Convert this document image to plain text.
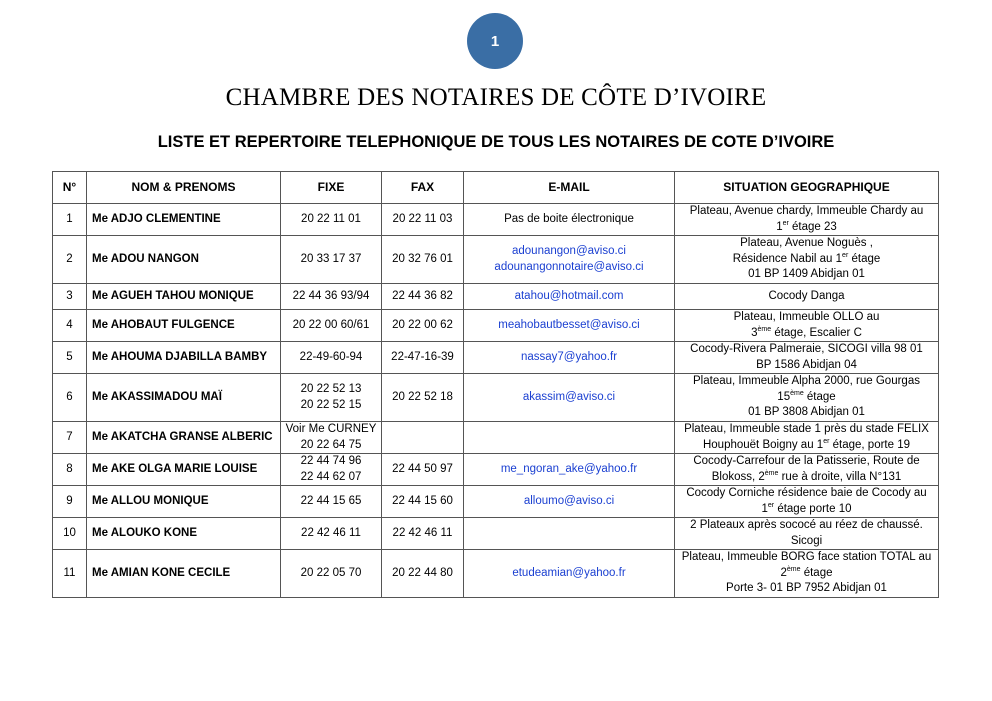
1
CHAMBRE DES NOTAIRES DE CÔTE D’IVOIRE
LISTE ET REPERTOIRE TELEPHONIQUE DE TOUS LES NOTAIRES DE COTE D’IVOIRE
N°	NOM & PRENOMS	FIXE	FAX	E-MAIL	SITUATION GEOGRAPHIQUE
1	Me ADJO CLEMENTINE	20 22 11 01	20 22 11 03	Pas de boite électronique	Plateau, Avenue chardy, Immeuble Chardy au
1er étage 23

2	Me ADOU NANGON	20 33 17 37	20 32 76 01	adounangon@aviso.ci
adounangonnotaire@aviso.ci	Plateau, Avenue Noguès ,
Résidence Nabil au 1er étage
01 BP 1409 Abidjan 01

3	Me AGUEH TAHOU MONIQUE	22 44 36 93/94	22 44 36 82	atahou@hotmail.com	Cocody Danga

4	Me AHOBAUT FULGENCE	20 22 00 60/61	20 22 00 62	meahobautbesset@aviso.ci	Plateau, Immeuble OLLO au
3ème étage, Escalier C

5	Me AHOUMA DJABILLA BAMBY	22-49-60-94	22-47-16-39	nassay7@yahoo.fr	Cocody-Rivera Palmeraie, SICOGI villa 98 01
BP 1586 Abidjan 04

6	Me AKASSIMADOU MAÏ	20 22 52 13
20 22 52 15	20 22 52 18	akassim@aviso.ci	Plateau, Immeuble Alpha 2000, rue Gourgas
15ème étage
01 BP 3808 Abidjan 01

7	Me AKATCHA GRANSE ALBERIC	Voir Me CURNEY
20 22 64 75			Plateau, Immeuble stade 1 près du stade FELIX
Houphouët Boigny au 1er étage, porte 19

8	Me AKE OLGA MARIE LOUISE	22 44 74 96
22 44 62 07	22 44 50 97	me_ngoran_ake@yahoo.fr	Cocody-Carrefour de la Patisserie, Route de
Blokoss, 2ème rue à droite, villa N°131

9	Me ALLOU MONIQUE	22 44 15 65	22 44 15 60	alloumo@aviso.ci	Cocody Corniche résidence baie de Cocody au
1er étage porte 10

10	Me ALOUKO KONE	22 42 46 11	22 42 46 11		2 Plateaux après sococé au réez de chaussé.
Sicogi

11	Me AMIAN KONE CECILE	20 22 05 70	20 22 44 80	etudeamian@yahoo.fr	Plateau, Immeuble BORG face station TOTAL au
2ème étage
Porte 3- 01 BP 7952 Abidjan 01
